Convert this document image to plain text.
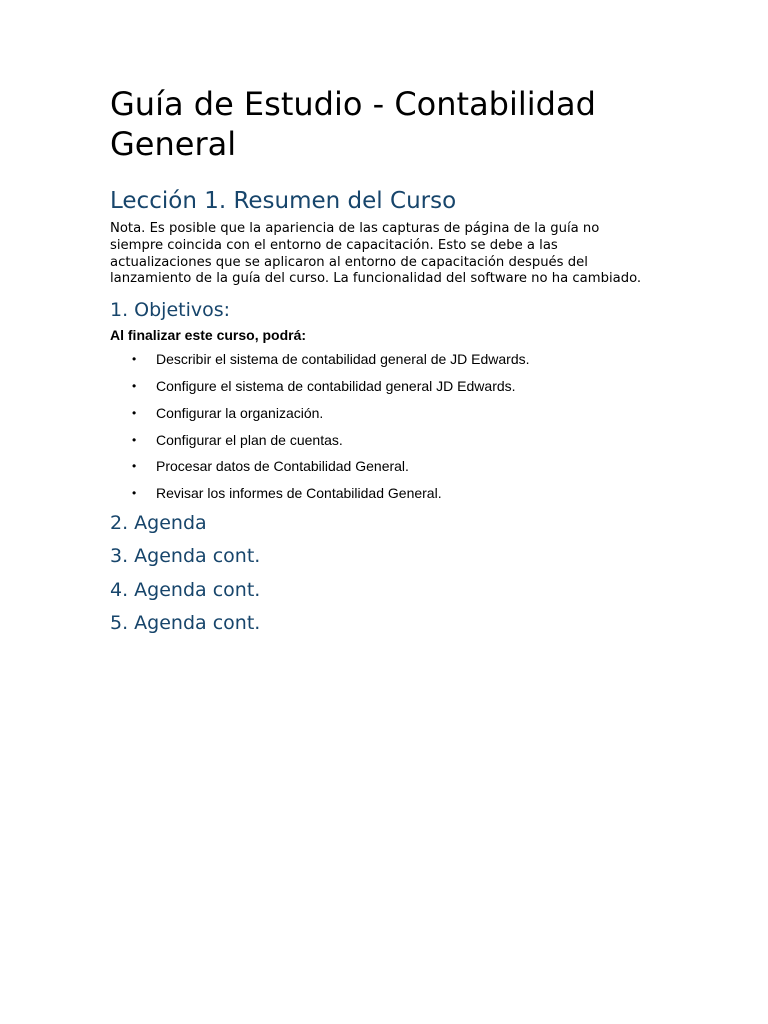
Guía de Estudio - Contabilidad General
Lección 1. Resumen del Curso

Nota. Es posible que la apariencia de las capturas de página de la guía no siempre coincida con el entorno de capacitación. Esto se debe a las actualizaciones que se aplicaron al entorno de capacitación después del lanzamiento de la guía del curso. La funcionalidad del software no ha cambiado.

1. Objetivos:

Al finalizar este curso, podrá:

• Describir el sistema de contabilidad general de JD Edwards.
• Configure el sistema de contabilidad general JD Edwards.
• Configurar la organización.
• Configurar el plan de cuentas.
• Procesar datos de Contabilidad General.
• Revisar los informes de Contabilidad General.
2. Agenda
3. Agenda cont.
4. Agenda cont.
5. Agenda cont.
